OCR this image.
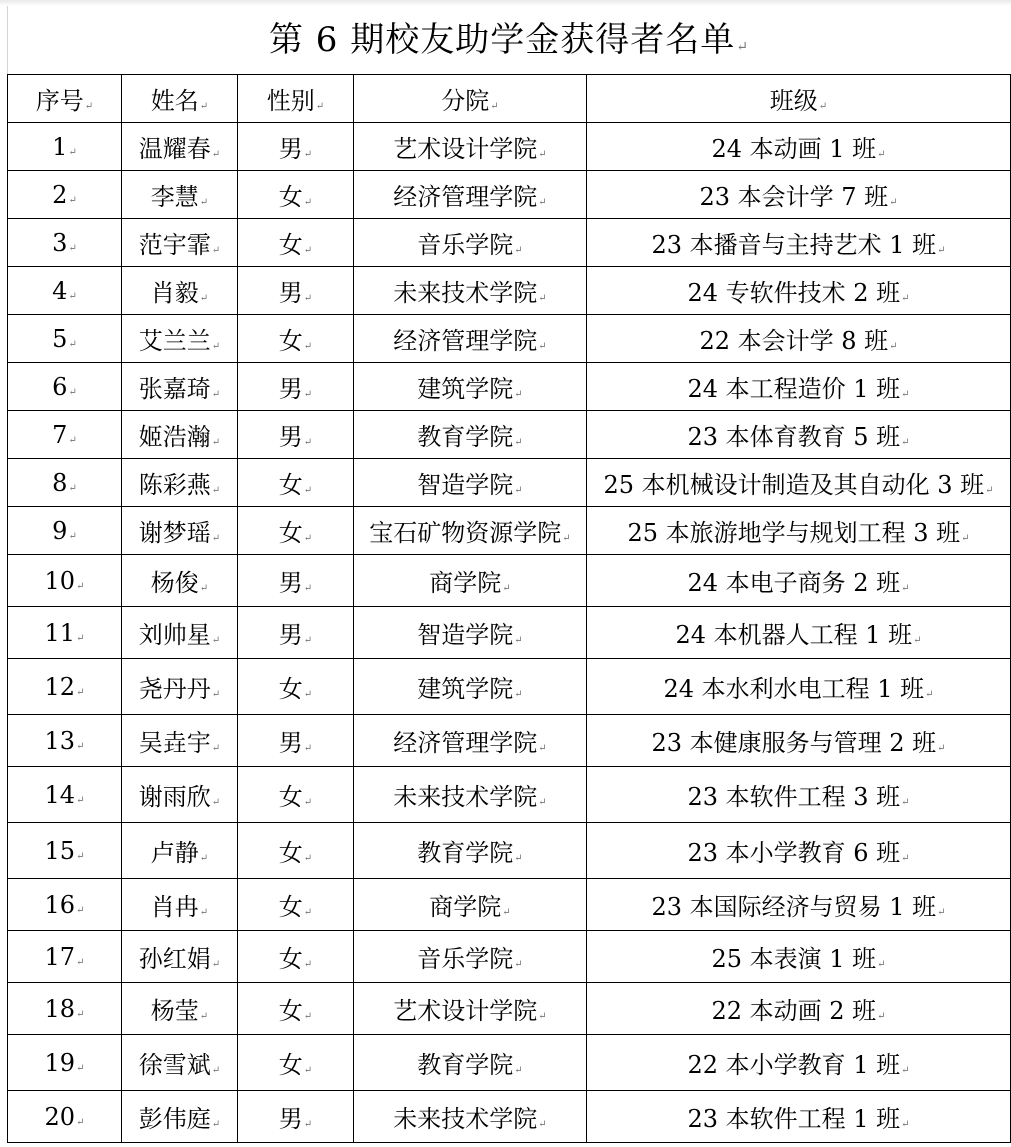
第 6 期校友助学金获得者名单↵
序号↵	姓名↵	性别↵	分院↵	班级↵
1↵	温耀春↵	男↵	艺术设计学院↵	24 本动画 1 班↵
2↵	李慧↵	女↵	经济管理学院↵	23 本会计学 7 班↵
3↵	范宇霏↵	女↵	音乐学院↵	23 本播音与主持艺术 1 班↵
4↵	肖毅↵	男↵	未来技术学院↵	24 专软件技术 2 班↵
5↵	艾兰兰↵	女↵	经济管理学院↵	22 本会计学 8 班↵
6↵	张嘉琦↵	男↵	建筑学院↵	24 本工程造价 1 班↵
7↵	姬浩瀚↵	男↵	教育学院↵	23 本体育教育 5 班↵
8↵	陈彩燕↵	女↵	智造学院↵	25 本机械设计制造及其自动化 3 班↵
9↵	谢梦瑶↵	女↵	宝石矿物资源学院↵	25 本旅游地学与规划工程 3 班↵
10↵	杨俊↵	男↵	商学院↵	24 本电子商务 2 班↵
11↵	刘帅星↵	男↵	智造学院↵	24 本机器人工程 1 班↵
12↵	尧丹丹↵	女↵	建筑学院↵	24 本水利水电工程 1 班↵
13↵	吴垚宇↵	男↵	经济管理学院↵	23 本健康服务与管理 2 班↵
14↵	谢雨欣↵	女↵	未来技术学院↵	23 本软件工程 3 班↵
15↵	卢静↵	女↵	教育学院↵	23 本小学教育 6 班↵
16↵	肖冉↵	女↵	商学院↵	23 本国际经济与贸易 1 班↵
17↵	孙红娟↵	女↵	音乐学院↵	25 本表演 1 班↵
18↵	杨莹↵	女↵	艺术设计学院↵	22 本动画 2 班↵
19↵	徐雪斌↵	女↵	教育学院↵	22 本小学教育 1 班↵
20↵	彭伟庭↵	男↵	未来技术学院↵	23 本软件工程 1 班↵
